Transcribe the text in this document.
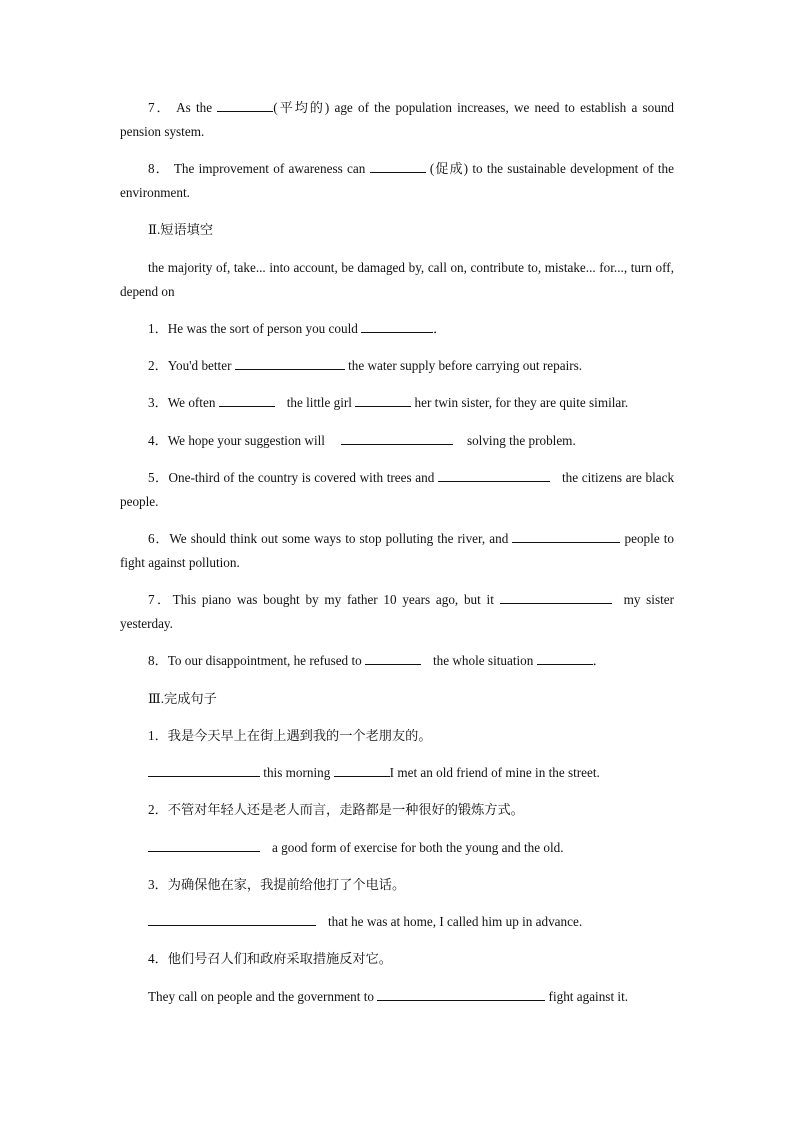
7． As the	(平均的) age of the population increases, we need to establish a sound pension system.
8． The improvement of awareness can	(促成) to the sustainable development of the environment.
Ⅱ.短语填空
the majority of, take... into account, be damaged by, call on, contribute to, mistake... for..., turn off, depend on
1．He was the sort of person you could	．
2．You'd better	the water supply before carrying out repairs.
3．We often	the little girl	her twin sister, for they are quite similar.
4．We hope your suggestion will	solving the problem.
5．One-third of the country is covered with trees and	the citizens are black people.
6．We should think out some ways to stop polluting the river, and	people to fight against pollution.
7．This piano was bought by my father 10 years ago, but it	my sister yesterday.
8．To our disappointment, he refused to	the whole situation	．
Ⅲ.完成句子
1．我是今天早上在街上遇到我的一个老朋友的。
this morning	I met an old friend of mine in the street.
2．不管对年轻人还是老人而言，走路都是一种很好的锻炼方式。
a good form of exercise for both the young and the old.
3．为确保他在家，我提前给他打了个电话。
that he was at home, I called him up in advance.
4．他们号召人们和政府采取措施反对它。
They call on people and the government to	fight against it.
